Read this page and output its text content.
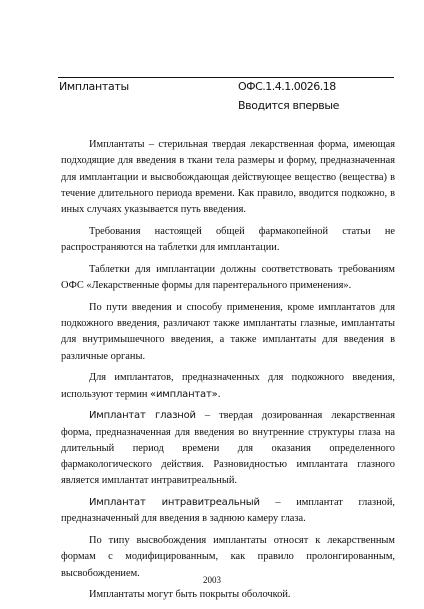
Имплантаты	ОФС.1.4.1.0026.18
Вводится впервые

Имплантаты – стерильная твердая лекарственная форма, имеющая подходящие для введения в ткани тела размеры и форму, предназначенная для имплантации и высвобождающая действующее вещество (вещества) в течение длительного периода времени. Как правило, вводится подкожно, в иных случаях указывается путь введения.

Требования настоящей общей фармакопейной статьи не распространяются на таблетки для имплантации.

Таблетки для имплантации должны соответствовать требованиям ОФС «Лекарственные формы для парентерального применения».

По пути введения и способу применения, кроме имплантатов для подкожного введения, различают также имплантаты глазные, имплантаты для внутримышечного введения, а также имплантаты для введения в различные органы.

Для имплантатов, предназначенных для подкожного введения, используют термин «имплантат».

Имплантат глазной – твердая дозированная лекарственная форма, предназначенная для введения во внутренние структуры глаза на длительный период времени для оказания определенного фармакологического действия. Разновидностью имплантата глазного является имплантат интравитреальный.

Имплантат интравитреальный – имплантат глазной, предназначенный для введения в заднюю камеру глаза.

По типу высвобождения имплантаты относят к лекарственным формам с модифицированным, как правило пролонгированным, высвобождением.

Имплантаты могут быть покрыты оболочкой.

2003
